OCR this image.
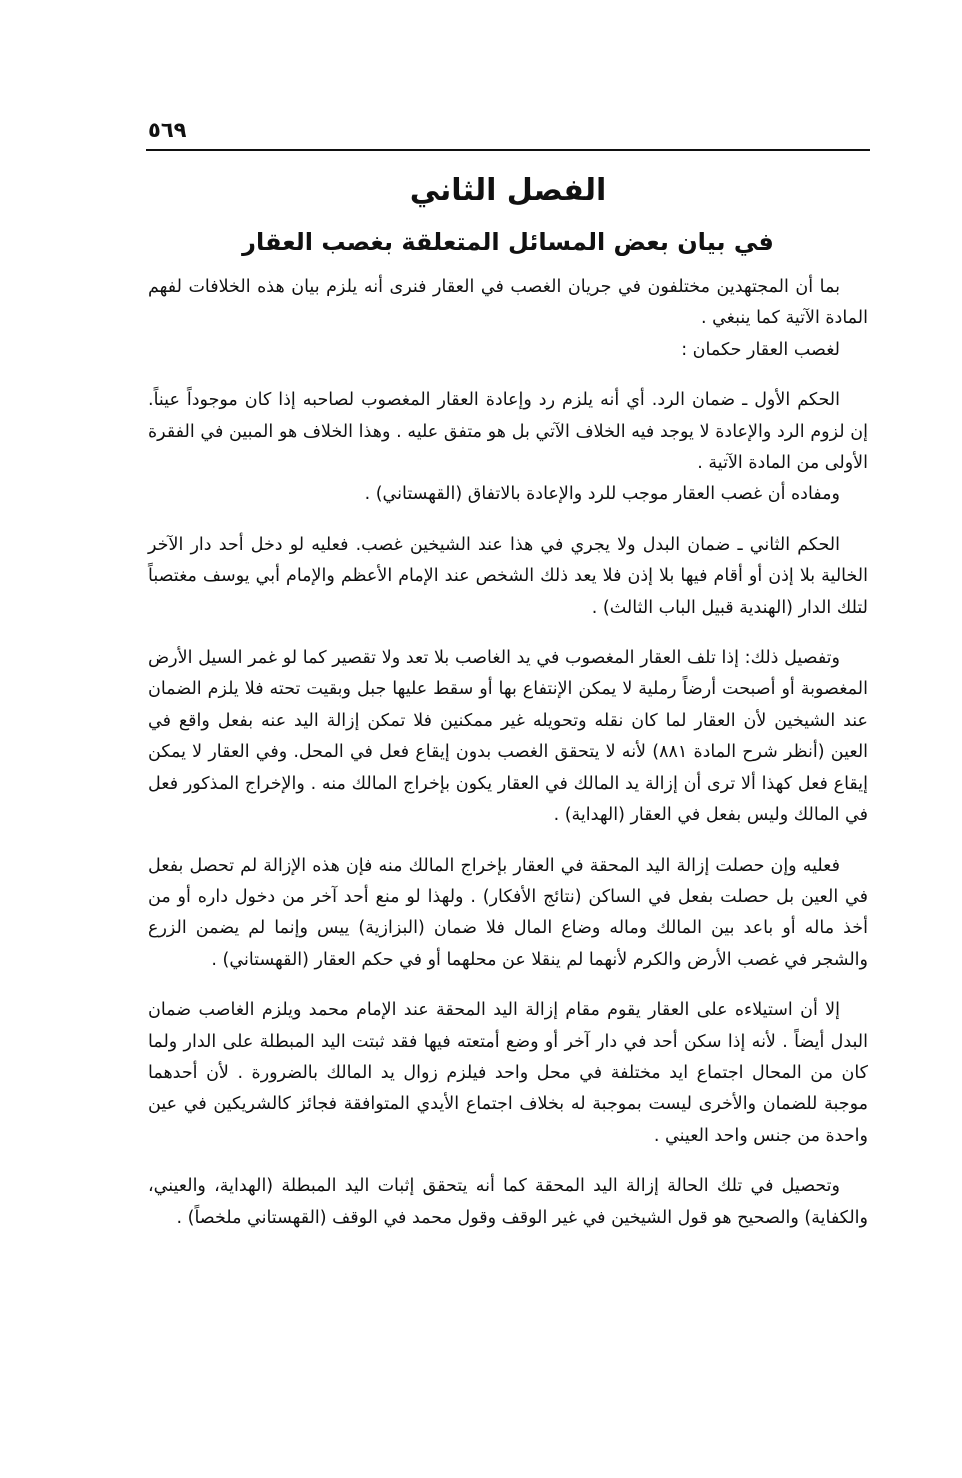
٥٦٩
الفصل الثاني
في بيان بعض المسائل المتعلقة بغصب العقار

بما أن المجتهدين مختلفون في جريان الغصب في العقار فنرى أنه يلزم بيان هذه الخلافات لفهم المادة الآتية كما ينبغي .

لغصب العقار حكمان :

الحكم الأول ـ ضمان الرد. أي أنه يلزم رد وإعادة العقار المغصوب لصاحبه إذا كان موجوداً عيناً. إن لزوم الرد والإعادة لا يوجد فيه الخلاف الآتي بل هو متفق عليه . وهذا الخلاف هو المبين في الفقرة الأولى من المادة الآتية .

ومفاده أن غصب العقار موجب للرد والإعادة بالاتفاق (القهستاني) .

الحكم الثاني ـ ضمان البدل ولا يجري في هذا عند الشيخين غصب. فعليه لو دخل أحد دار الآخر الخالية بلا إذن أو أقام فيها بلا إذن فلا يعد ذلك الشخص عند الإمام الأعظم والإمام أبي يوسف مغتصباً لتلك الدار (الهندية قبيل الباب الثالث) .

وتفصيل ذلك: إذا تلف العقار المغصوب في يد الغاصب بلا تعد ولا تقصير كما لو غمر السيل الأرض المغصوبة أو أصبحت أرضاً رملية لا يمكن الإنتفاع بها أو سقط عليها جبل وبقيت تحته فلا يلزم الضمان عند الشيخين لأن العقار لما كان نقله وتحويله غير ممكنين فلا تمكن إزالة اليد عنه بفعل واقع في العين (أنظر شرح المادة ٨٨١) لأنه لا يتحقق الغصب بدون إيقاع فعل في المحل. وفي العقار لا يمكن إيقاع فعل كهذا ألا ترى أن إزالة يد المالك في العقار يكون بإخراج المالك منه . والإخراج المذكور فعل في المالك وليس بفعل في العقار (الهداية) .

فعليه وإن حصلت إزالة اليد المحقة في العقار بإخراج المالك منه فإن هذه الإزالة لم تحصل بفعل في العين بل حصلت بفعل في الساكن (نتائج الأفكار) . ولهذا لو منع أحد آخر من دخول داره أو من أخذ ماله أو باعد بين المالك وماله وضاع المال فلا ضمان (البزازية) ييس وإنما لم يضمن الزرع والشجر في غصب الأرض والكرم لأنهما لم ينقلا عن محلهما أو في حكم العقار (القهستاني) .

إلا أن استيلاءه على العقار يقوم مقام إزالة اليد المحقة عند الإمام محمد ويلزم الغاصب ضمان البدل أيضاً . لأنه إذا سكن أحد في دار آخر أو وضع أمتعته فيها فقد ثبتت اليد المبطلة على الدار ولما كان من المحال اجتماع ايد مختلفة في محل واحد فيلزم زوال يد المالك بالضرورة . لأن أحدهما موجبة للضمان والأخرى ليست بموجبة له بخلاف اجتماع الأيدي المتوافقة فجائز كالشريكين في عين واحدة من جنس واحد العيني .

وتحصيل في تلك الحالة إزالة اليد المحقة كما أنه يتحقق إثبات اليد المبطلة (الهداية، والعيني، والكفاية) والصحيح هو قول الشيخين في غير الوقف وقول محمد في الوقف (القهستاني ملخصاً) .
